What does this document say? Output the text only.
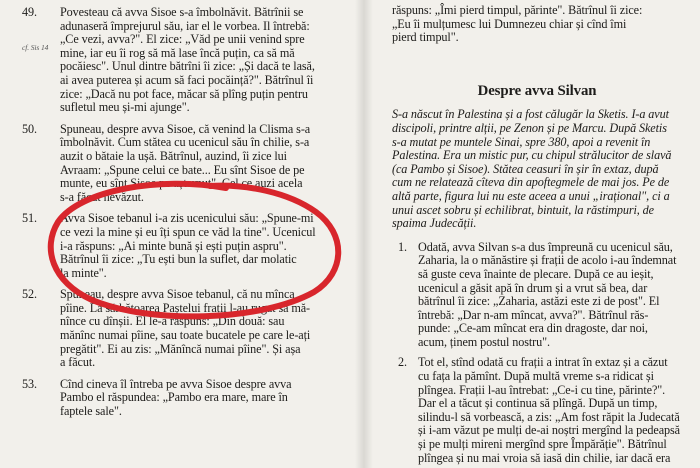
cf. Sis 14
49. Povesteau că avva Sisoe s-a îmbolnăvit. Bătrînii se
adunaseră împrejurul său, iar el le vorbea. Il întrebă:
„Ce vezi, avva?". El zice: „Văd pe unii venind spre
mine, iar eu îi rog să mă lase încă puțin, ca să mă
pocăiesc". Unul dintre bătrîni îi zice: „Și dacă te lasă,
ai avea puterea și acum să faci pocăință?". Bătrînul îi
zice: „Dacă nu pot face, măcar să plîng puțin pentru
sufletul meu și-mi ajunge".
50. Spuneau, despre avva Sisoe, că venind la Clisma s-a
îmbolnăvit. Cum stătea cu ucenicul său în chilie, s-a
auzit o bătaie la ușă. Bătrînul, auzind, îi zice lui
Avraam: „Spune celui ce bate... Eu sînt Sisoe de pe
munte, eu sînt Sisoe pe așternut". Cel ce auzi acela
s-a făcut nevăzut.
51. Avva Sisoe tebanul i-a zis ucenicului său: „Spune-mi
ce vezi la mine și eu îți spun ce văd la tine". Ucenicul
i-a răspuns: „Ai minte bună și ești puțin aspru".
Bătrînul îi zice: „Tu ești bun la suflet, dar molatic
la minte".
52. Spuneau, despre avva Sisoe tebanul, că nu mînca
pîine. La sărbătoarea Paștelui frații l-au rugat să mă-
nînce cu dînșii. El le-a răspuns: „Din două: sau
mănînc numai pîine, sau toate bucatele pe care le-ați
pregătit". Ei au zis: „Mănîncă numai pîine". Și așa
a făcut.
53. Cînd cineva îl întreba pe avva Sisoe despre avva
Pambo el răspundea: „Pambo era mare, mare în
faptele sale".
răspuns: „Îmi pierd timpul, părinte". Bătrînul îi zice:
„Eu îi mulțumesc lui Dumnezeu chiar și cînd îmi
pierd timpul".
Despre avva Silvan
S-a născut în Palestina și a fost călugăr la Sketis. I-a avut
discipoli, printre alții, pe Zenon și pe Marcu. După Sketis
s-a mutat pe muntele Sinai, spre 380, apoi a revenit în
Palestina. Era un mistic pur, cu chipul strălucitor de slavă
(ca Pambo și Sisoe). Stătea ceasuri în șir în extaz, după
cum ne relatează cîteva din apoftegmele de mai jos. Pe de
altă parte, figura lui nu este aceea a unui „irațional", ci a
unui ascet sobru și echilibrat, bintuit, la răstimpuri, de
spaima Judecății.
1. Odată, avva Silvan s-a dus împreună cu ucenicul său,
Zaharia, la o mănăstire și frații de acolo i-au îndemnat
să guste ceva înainte de plecare. După ce au ieșit,
ucenicul a găsit apă în drum și a vrut să bea, dar
bătrînul îi zice: „Zaharia, astăzi este zi de post". El
întrebă: „Dar n-am mîncat, avva?". Bătrînul răs-
punde: „Ce-am mîncat era din dragoste, dar noi,
acum, ținem postul nostru".
2. Tot el, stînd odată cu frații a intrat în extaz și a căzut
cu fața la pămînt. După multă vreme s-a ridicat și
plîngea. Frații l-au întrebat: „Ce-i cu tine, părinte?".
Dar el a tăcut și continua să plîngă. După un timp,
silindu-l să vorbească, a zis: „Am fost răpit la Judecată
și i-am văzut pe mulți de-ai noștri mergînd la pedeapsă
și pe mulți mireni mergînd spre Împărăție". Bătrînul
plîngea și nu mai vroia să iasă din chilie, iar dacă era
